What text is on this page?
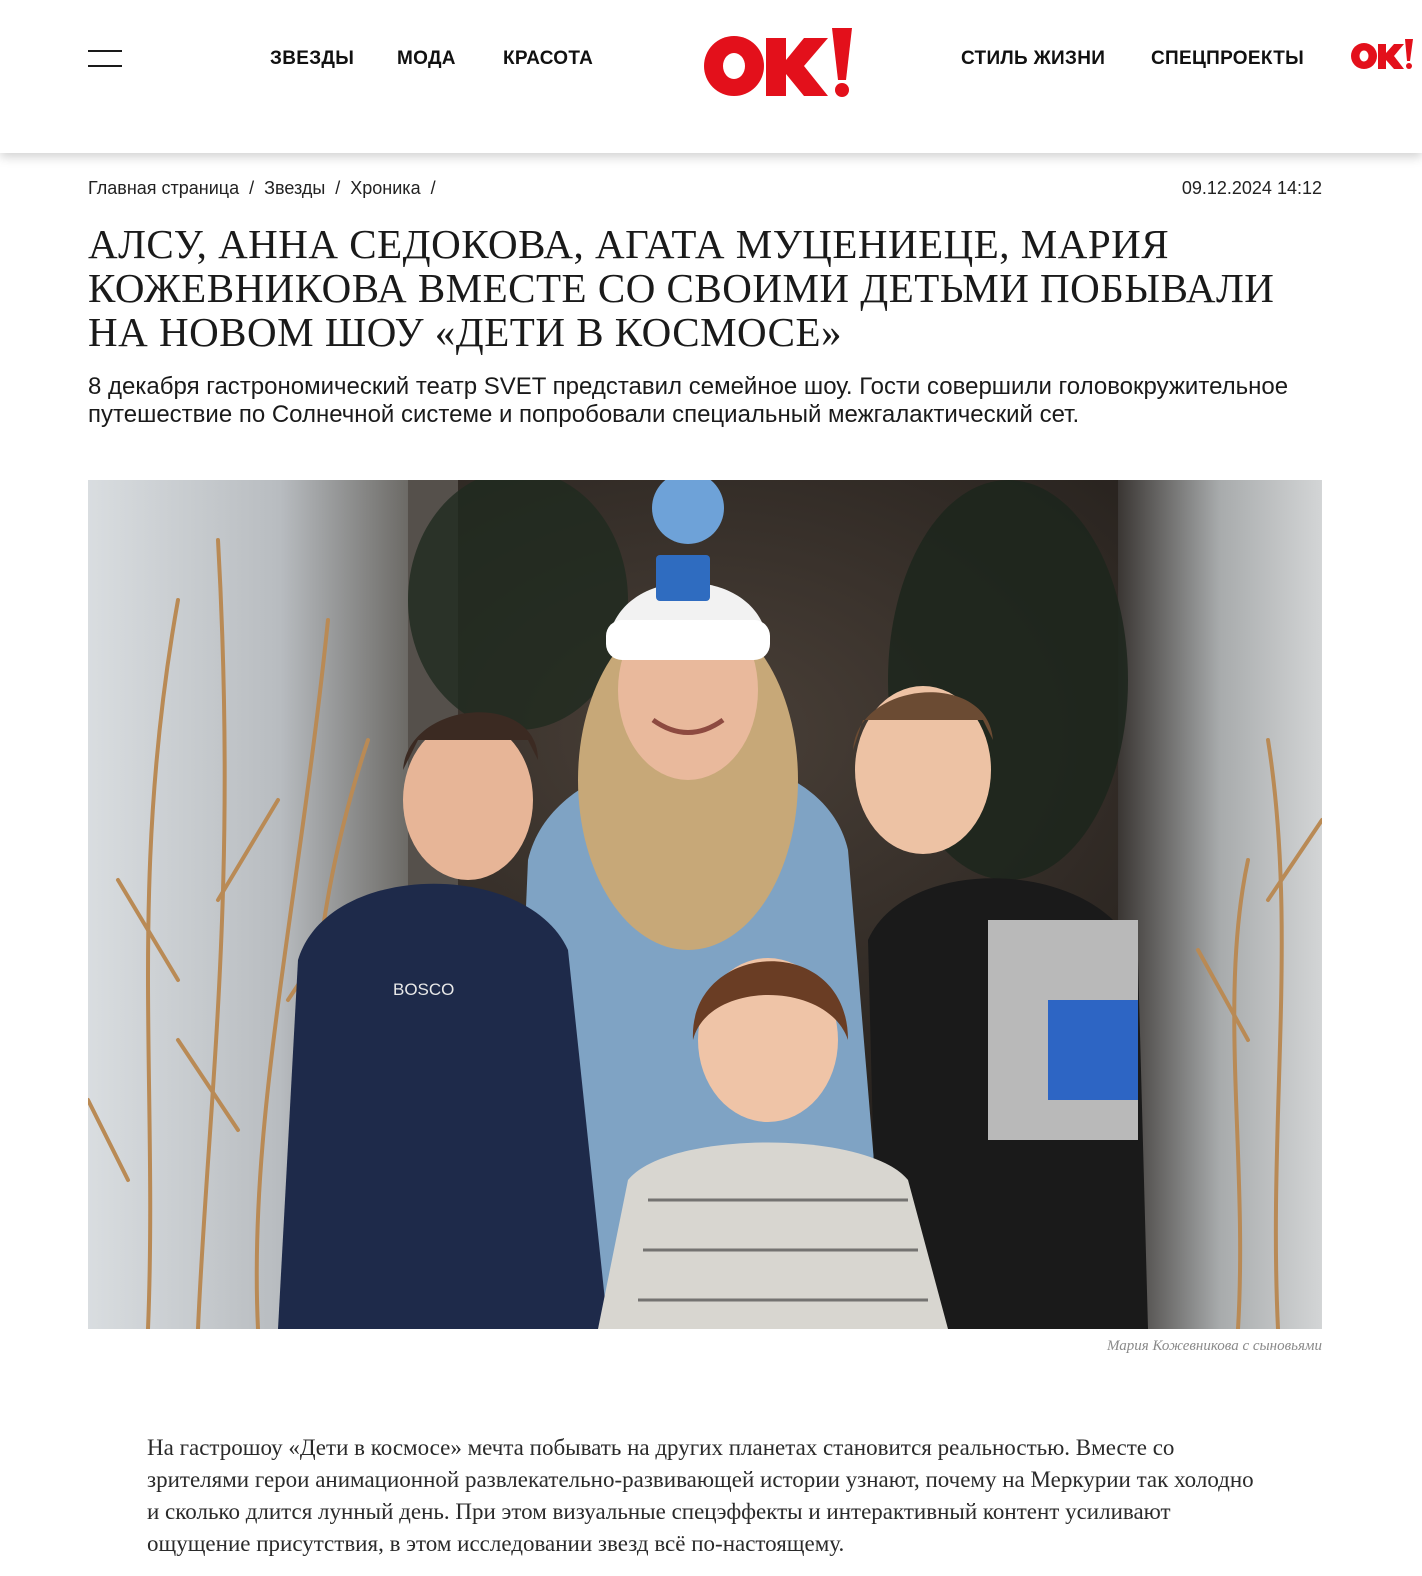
ЗВЕЗДЫ МОДА КРАСОТА	СТИЛЬ ЖИЗНИ СПЕЦПРОЕКТЫ
Главная страница / Звезды / Хроника /	09.12.2024 14:12
АЛСУ, АННА СЕДОКОВА, АГАТА МУЦЕНИЕЦЕ, МАРИЯ КОЖЕВНИКОВА ВМЕСТЕ СО СВОИМИ ДЕТЬМИ ПОБЫВАЛИ НА НОВОМ ШОУ «ДЕТИ В КОСМОСЕ»

8 декабря гастрономический театр SVET представил семейное шоу. Гости совершили головокружительное путешествие по Солнечной системе и попробовали специальный межгалактический сет.

BOSCO
Мария Кожевникова с сыновьями

На гастрошоу «Дети в космосе» мечта побывать на других планетах становится реальностью. Вместе со зрителями герои анимационной развлекательно-развивающей истории узнают, почему на Меркурии так холодно и сколько длится лунный день. При этом визуальные спецэффекты и интерактивный контент усиливают ощущение присутствия, в этом исследовании звезд всё по-настоящему.
